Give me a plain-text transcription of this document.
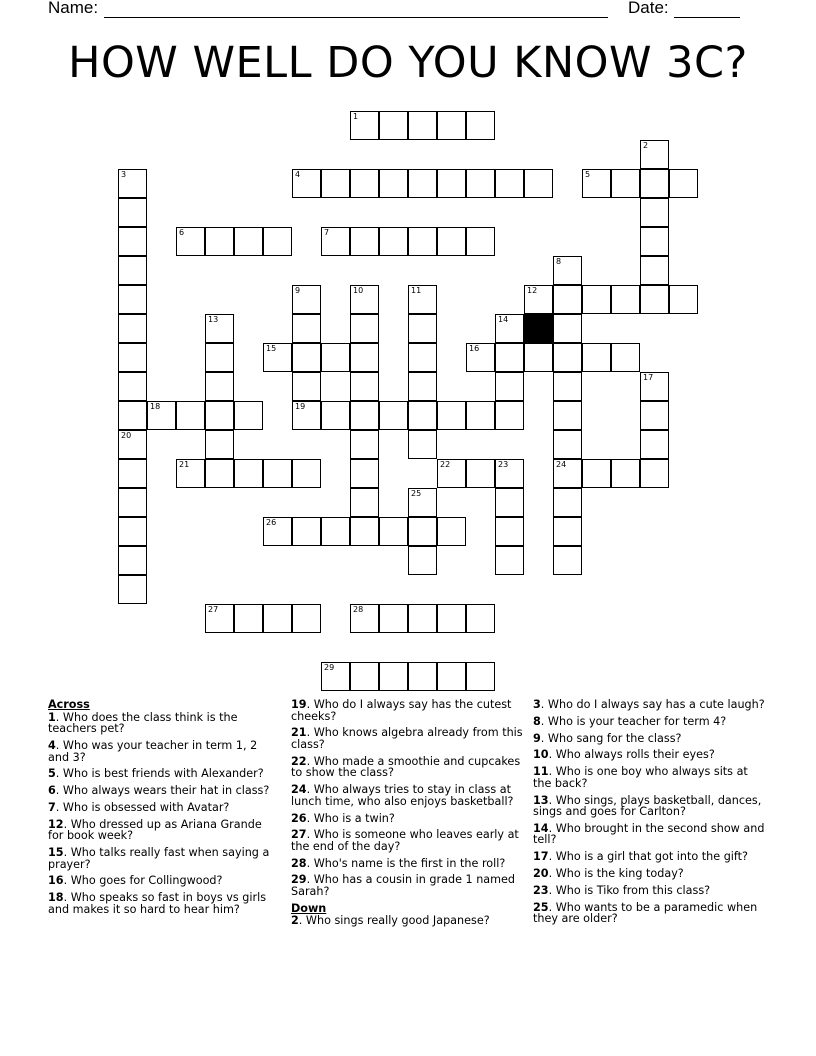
Name:	Date:
HOW WELL DO YOU KNOW 3C?
1
4	5
6	7
12
15	16
18	19
21	22	23	24
26
27	28
29
2
3
8
9	10	11
13	14
17
20
25

Across

1. Who does the class think is the teachers pet?

4. Who was your teacher in term 1, 2 and 3?

5. Who is best friends with Alexander?

6. Who always wears their hat in class?

7. Who is obsessed with Avatar?

12. Who dressed up as Ariana Grande for book week?

15. Who talks really fast when saying a prayer?

16. Who goes for Collingwood?

18. Who speaks so fast in boys vs girls and makes it so hard to hear him?

19. Who do I always say has the cutest cheeks?

21. Who knows algebra already from this class?

22. Who made a smoothie and cupcakes to show the class?

24. Who always tries to stay in class at lunch time, who also enjoys basketball?

26. Who is a twin?

27. Who is someone who leaves early at the end of the day?

28. Who's name is the first in the roll?

29. Who has a cousin in grade 1 named Sarah?

Down

2. Who sings really good Japanese?

3. Who do I always say has a cute laugh?

8. Who is your teacher for term 4?

9. Who sang for the class?

10. Who always rolls their eyes?

11. Who is one boy who always sits at the back?

13. Who sings, plays basketball, dances, sings and goes for Carlton?

14. Who brought in the second show and tell?

17. Who is a girl that got into the gift?

20. Who is the king today?

23. Who is Tiko from this class?

25. Who wants to be a paramedic when they are older?
